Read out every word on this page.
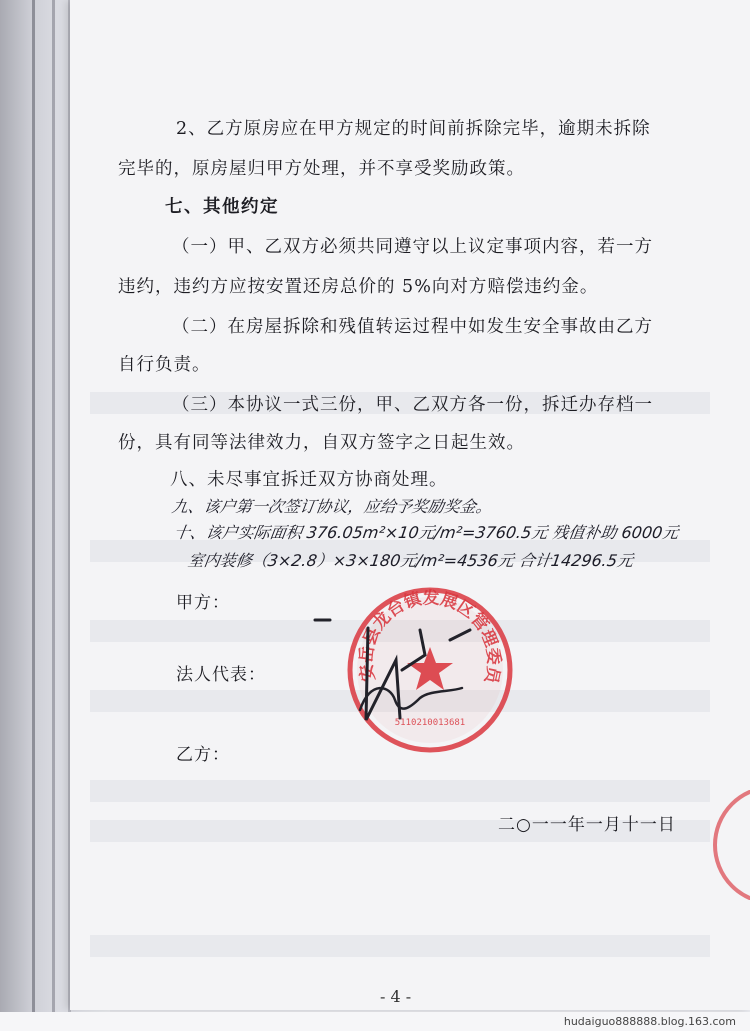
2、乙方原房应在甲方规定的时间前拆除完毕，逾期未拆除
完毕的，原房屋归甲方处理，并不享受奖励政策。
七、其他约定
（一）甲、乙双方必须共同遵守以上议定事项内容，若一方
违约，违约方应按安置还房总价的 5%向对方赔偿违约金。
（二）在房屋拆除和残值转运过程中如发生安全事故由乙方
自行负责。
（三）本协议一式三份，甲、乙双方各一份，拆迁办存档一
份，具有同等法律效力，自双方签字之日起生效。
八、未尽事宜拆迁双方协商处理。
九、该户第一次签订协议，应给予奖励奖金。
十、该户实际面积 376.05m²×10元/m²=3760.5元 残值补助 6000元
室内装修（3×2.8）×3×180元/m²=4536元 合计14296.5元
甲方：
法人代表：
乙方：
安岳县龙台镇发展区管理委员
5110210013681
二○一一年一月十一日
- 4 -
hudaiguo888888.blog.163.com
